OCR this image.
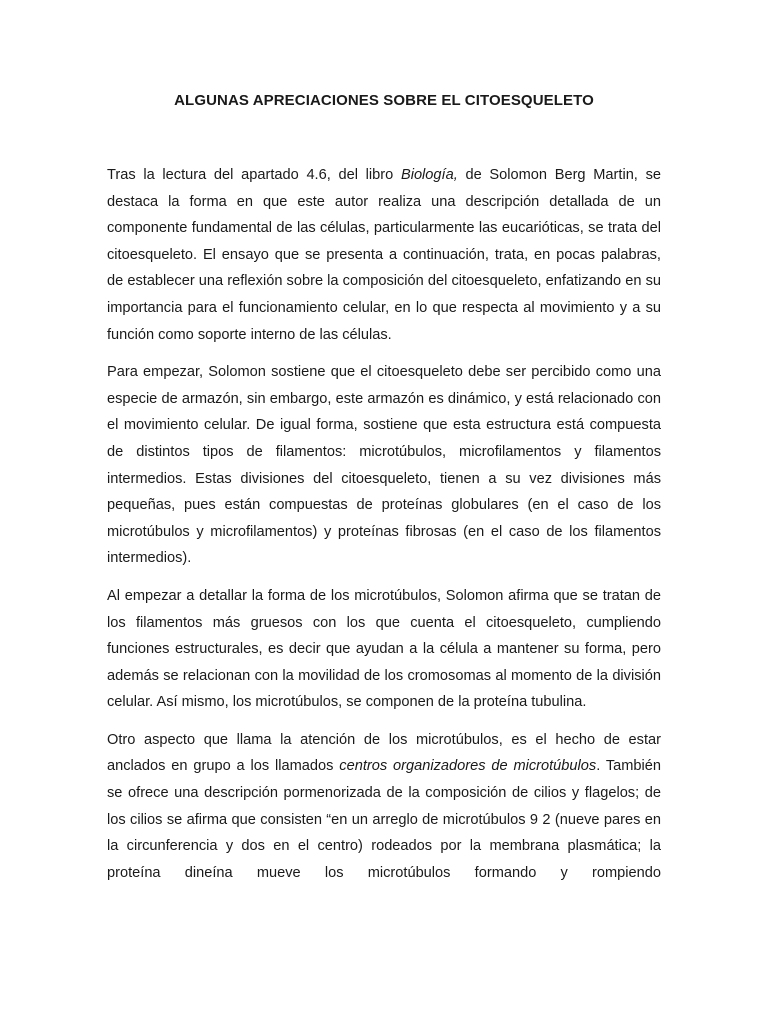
ALGUNAS APRECIACIONES SOBRE EL CITOESQUELETO

Tras la lectura del apartado 4.6, del libro Biología, de Solomon Berg Martin, se destaca la forma en que este autor realiza una descripción detallada de un componente fundamental de las células, particularmente las eucarióticas, se trata del citoesqueleto. El ensayo que se presenta a continuación, trata, en pocas palabras, de establecer una reflexión sobre la composición del citoesqueleto, enfatizando en su importancia para el funcionamiento celular, en lo que respecta al movimiento y a su función como soporte interno de las células.

Para empezar, Solomon sostiene que el citoesqueleto debe ser percibido como una especie de armazón, sin embargo, este armazón es dinámico, y está relacionado con el movimiento celular. De igual forma, sostiene que esta estructura está compuesta de distintos tipos de filamentos: microtúbulos, microfilamentos y filamentos intermedios. Estas divisiones del citoesqueleto, tienen a su vez divisiones más pequeñas, pues están compuestas de proteínas globulares (en el caso de los microtúbulos y microfilamentos) y proteínas fibrosas (en el caso de los filamentos intermedios).

Al empezar a detallar la forma de los microtúbulos, Solomon afirma que se tratan de los filamentos más gruesos con los que cuenta el citoesqueleto, cumpliendo funciones estructurales, es decir que ayudan a la célula a mantener su forma, pero además se relacionan con la movilidad de los cromosomas al momento de la división celular. Así mismo, los microtúbulos, se componen de la proteína tubulina.

Otro aspecto que llama la atención de los microtúbulos, es el hecho de estar anclados en grupo a los llamados centros organizadores de microtúbulos. También se ofrece una descripción pormenorizada de la composición de cilios y flagelos; de los cilios se afirma que consisten “en un arreglo de microtúbulos 9 2 (nueve pares en la circunferencia y dos en el centro) rodeados por la membrana plasmática; la proteína dineína mueve los microtúbulos formando y rompiendo
